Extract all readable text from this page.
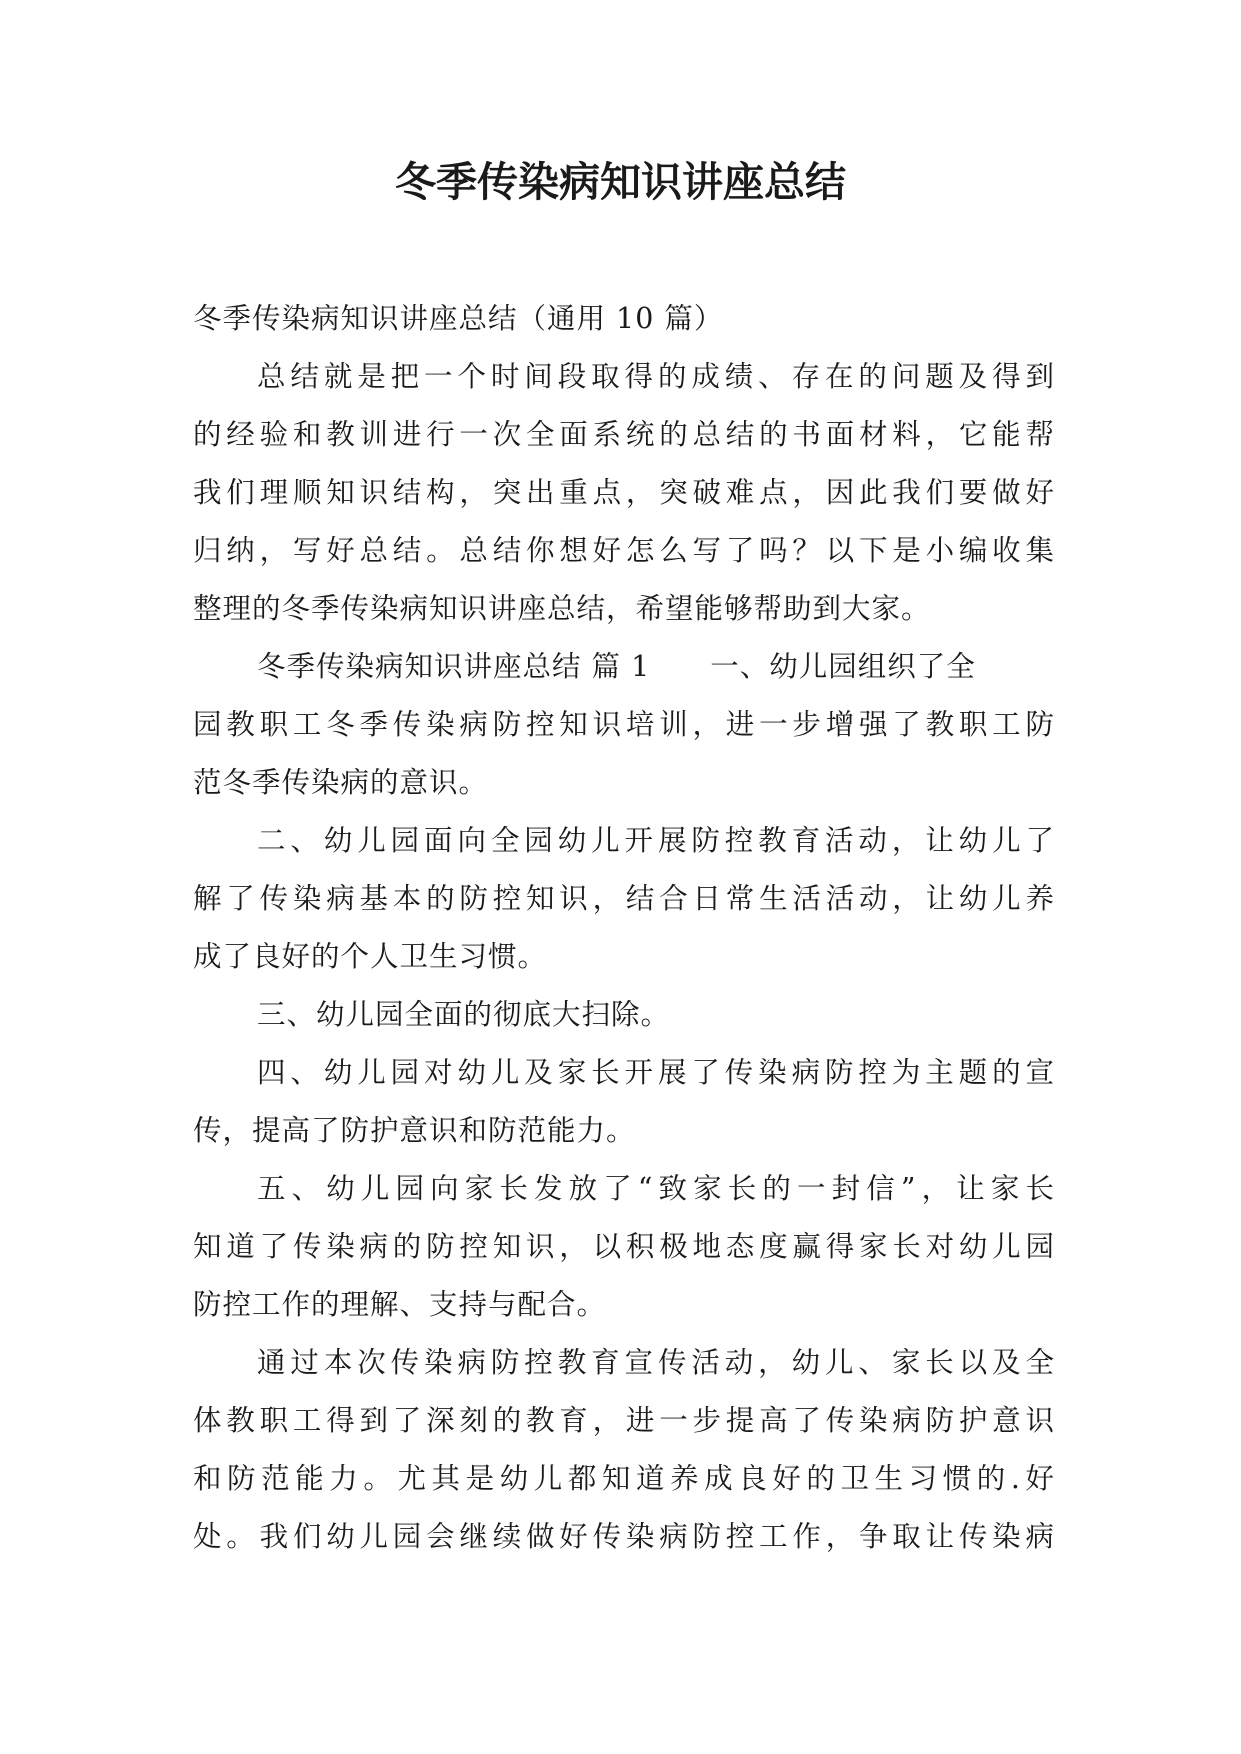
冬季传染病知识讲座总结

冬季传染病知识讲座总结（通用 10 篇）

总结就是把一个时间段取得的成绩、存在的问题及得到

的经验和教训进行一次全面系统的总结的书面材料，它能帮

我们理顺知识结构，突出重点，突破难点，因此我们要做好

归纳，写好总结。总结你想好怎么写了吗？以下是小编收集

整理的冬季传染病知识讲座总结，希望能够帮助到大家。

冬季传染病知识讲座总结 篇 1 一、幼儿园组织了全

园教职工冬季传染病防控知识培训，进一步增强了教职工防

范冬季传染病的意识。

二、幼儿园面向全园幼儿开展防控教育活动，让幼儿了

解了传染病基本的防控知识，结合日常生活活动，让幼儿养

成了良好的个人卫生习惯。

三、幼儿园全面的彻底大扫除。

四、幼儿园对幼儿及家长开展了传染病防控为主题的宣

传，提高了防护意识和防范能力。

五、幼儿园向家长发放了“致家长的一封信”，让家长

知道了传染病的防控知识，以积极地态度赢得家长对幼儿园

防控工作的理解、支持与配合。

通过本次传染病防控教育宣传活动，幼儿、家长以及全

体教职工得到了深刻的教育，进一步提高了传染病防护意识

和防范能力。尤其是幼儿都知道养成良好的卫生习惯的.好

处。我们幼儿园会继续做好传染病防控工作，争取让传染病
